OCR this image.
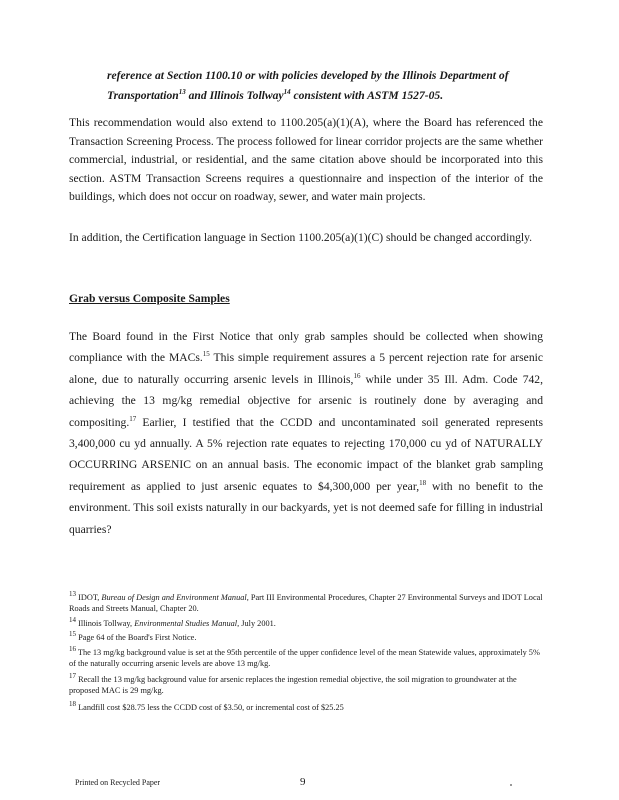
reference at Section 1100.10 or with policies developed by the Illinois Department of
Transportation$^{13}$ and Illinois Tollway$^{14}$ consistent with ASTM 1527-05.
This recommendation would also extend to 1100.205(a)(1)(A), where the Board has referenced the Transaction Screening Process. The process followed for linear corridor projects are the same whether commercial, industrial, or residential, and the same citation above should be incorporated into this section. ASTM Transaction Screens requires a questionnaire and inspection of the interior of the buildings, which does not occur on roadway, sewer, and water main projects.
In addition, the Certification language in Section 1100.205(a)(1)(C) should be changed accordingly.
Grab versus Composite Samples
The Board found in the First Notice that only grab samples should be collected when showing compliance with the MACs.$^{15}$ This simple requirement assures a 5 percent rejection rate for arsenic alone, due to naturally occurring arsenic levels in Illinois,$^{16}$ while under 35 Ill. Adm. Code 742, achieving the 13 mg/kg remedial objective for arsenic is routinely done by averaging and compositing.$^{17}$ Earlier, I testified that the CCDD and uncontaminated soil generated represents 3,400,000 cu yd annually. A 5% rejection rate equates to rejecting 170,000 cu yd of NATURALLY OCCURRING ARSENIC on an annual basis. The economic impact of the blanket grab sampling requirement as applied to just arsenic equates to $4,300,000 per year,$^{18}$ with no benefit to the environment. This soil exists naturally in our backyards, yet is not deemed safe for filling in industrial quarries?
$^{13}$ IDOT, Bureau of Design and Environment Manual, Part III Environmental Procedures, Chapter 27 Environmental Surveys and IDOT Local Roads and Streets Manual, Chapter 20.
$^{14}$ Illinois Tollway, Environmental Studies Manual, July 2001.
$^{15}$ Page 64 of the Board's First Notice.
$^{16}$ The 13 mg/kg background value is set at the 95th percentile of the upper confidence level of the mean Statewide values, approximately 5% of the naturally occurring arsenic levels are above 13 mg/kg.
$^{17}$ Recall the 13 mg/kg background value for arsenic replaces the ingestion remedial objective, the soil migration to groundwater at the proposed MAC is 29 mg/kg.
$^{18}$ Landfill cost $28.75 less the CCDD cost of $3.50, or incremental cost of $25.25
Printed on Recycled Paper	9
